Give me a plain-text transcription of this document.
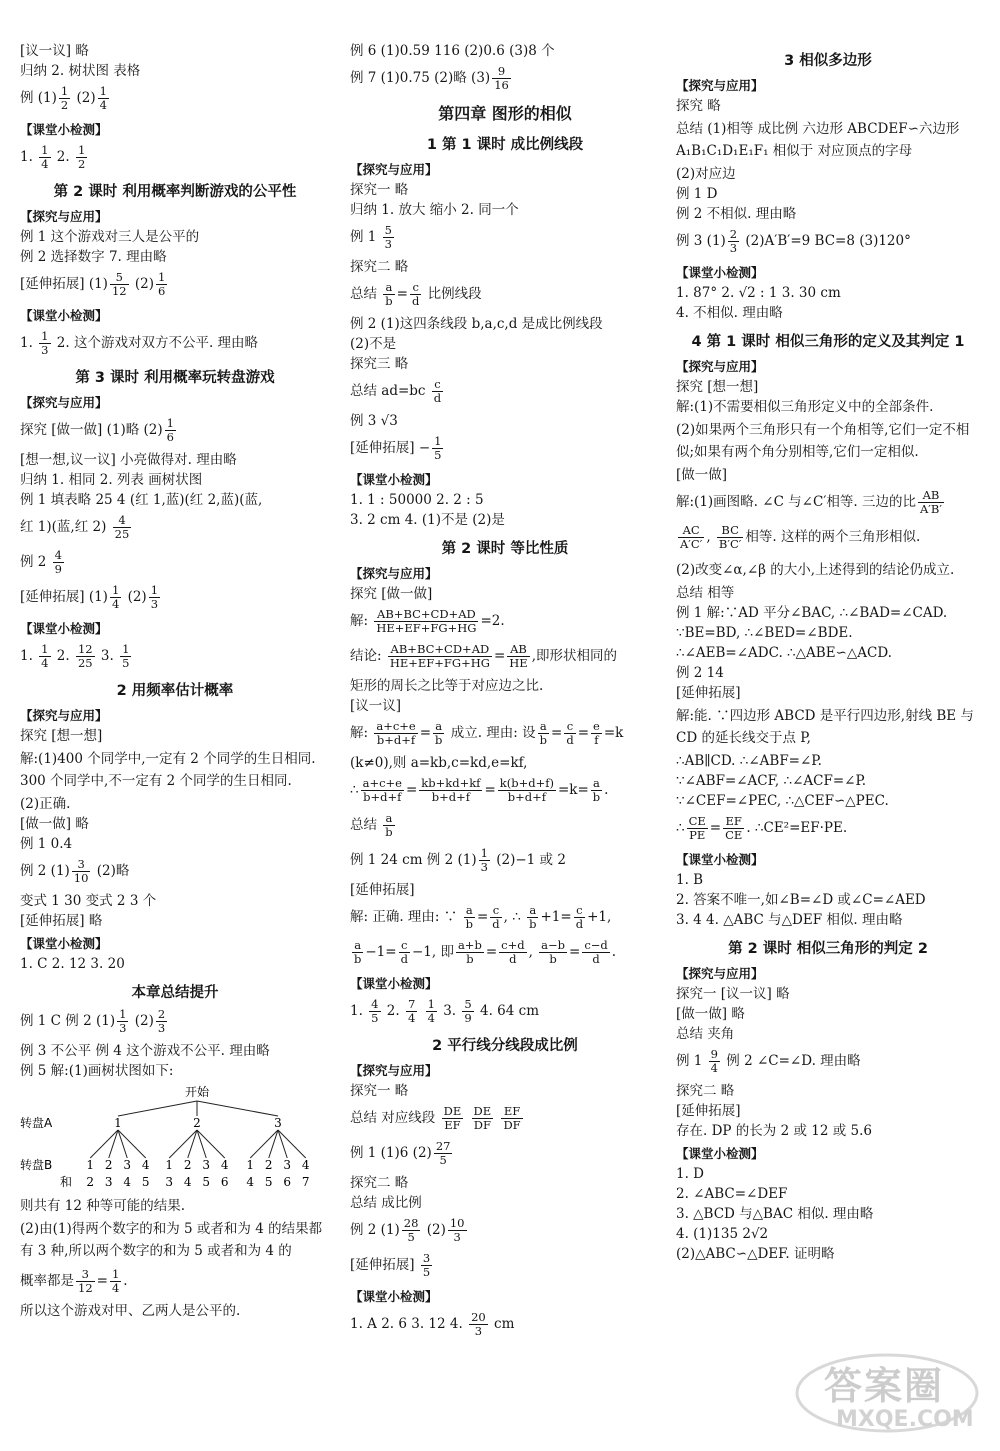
[议一议] 略
归纳 2. 树状图 表格
例 $(1) \frac{1}{2} (2) \frac{1}{4}$
【课堂小检测】
1. $\frac{1}{4} 2$. $\frac{1}{2}$
第 2 课时 利用概率判断游戏的公平性
【探究与应用】
例 1 这个游戏对三人是公平的
例 2 选择数字 7. 理由略
[延伸拓展] $(1) \frac{5}{12} (2) \frac{1}{6}$
【课堂小检测】
1. $\frac{1}{3} 2$. 这个游戏对双方不公平. 理由略
第 3 课时 利用概率玩转盘游戏
【探究与应用】
探究 [做一做] (1)略 $(2) \frac{1}{6}$
[想一想,议一议] 小亮做得对. 理由略
归纳 1. 相同 2. 列表 画树状图
例 1 填表略 25 4 (红 1,蓝)(红 2,蓝)(蓝,
红 1)(蓝,红 $2) \frac{4}{25}$
例 $2 \frac{4}{9}$
[延伸拓展] $(1) \frac{1}{4} (2) \frac{1}{3}$
【课堂小检测】
1. $\frac{1}{4} 2$. $\frac{12}{25} 3$. $\frac{1}{5}$
2 用频率估计概率
【探究与应用】
探究 [想一想]
解:(1)400 个同学中,一定有 2 个同学的生日相同. 300 个同学中,不一定有 2 个同学的生日相同.
(2)正确.
[做一做] 略
例 1 0.4
例 2 $(1) \frac{3}{10} (2)$略
变式 1 30 变式 2 3 个
[延伸拓展] 略
【课堂小检测】
1. C 2. 12 3. 20
本章总结提升
例 1 C 例 2 $(1) \frac{1}{3} (2) \frac{2}{3}$
例 3 不公平 例 4 这个游戏不公平. 理由略
例 5 解:(1)画树状图如下:
开始
转盘A
转盘B
和
1	2	3
1 2 3 4 1 2 3 4 1 2 3 4
2 3 4 5 3 4 5 6 4 5 6 7
则共有 12 种等可能的结果.
(2)由(1)得两个数字的和为 5 或者和为 4 的结果都有 3 种,所以两个数字的和为 5 或者和为 4 的
概率都是 $\frac{3}{12} = \frac{1}{4}$ .
所以这个游戏对甲、乙两人是公平的.
例 6 (1)0.59 116 (2)0.6 (3)8 个
例 7 (1)0.75 (2)略 $(3) \frac{9}{16}$
第四章 图形的相似
1 第 1 课时 成比例线段
【探究与应用】
探究一 略
归纳 1. 放大 缩小 2. 同一个
例 $1 \frac{5}{3}$
探究二 略
总结 $\frac{a}{b} = \frac{c}{d}$ 比例线段
例 2 (1)这四条线段 b,a,c,d 是成比例线段
(2)不是
探究三 略
总结 $ad=bc \frac{c}{d}$
例 3 √3
[延伸拓展] − $\frac{1}{5}$
【课堂小检测】
1. 1 : 50000 2. 2 : 5
3. 2 cm 4. (1)不是 (2)是
第 2 课时 等比性质
【探究与应用】
探究 [做一做]
解: $\frac{AB+BC+CD+AD}{HE+EF+FG+HG} =2$.
结论: $\frac{AB+BC+CD+AD}{HE+EF+FG+HG} = \frac{AB}{HE}$ ,即形状相同的
矩形的周长之比等于对应边之比.
[议一议]
解: $\frac{a+c+e}{b+d+f} = \frac{a}{b}$ 成立. 理由: 设 $\frac{a}{b} = \frac{c}{d} = \frac{e}{f} =k$
(k≠0),则 a=kb,c=kd,e=kf,
∴ $\frac{a+c+e}{b+d+f} = \frac{kb+kd+kf}{b+d+f} = \frac{k(b+d+f)}{b+d+f} =k= \frac{a}{b}$ .
总结 $\frac{a}{b}$
例 1 24 cm 例 2 $(1) \frac{1}{3} (2)-1$ 或 2
[延伸拓展]
解: 正确. 理由: ∵ $\frac{a}{b} = \frac{c}{d}$ , ∴ $\frac{a}{b} +1= \frac{c}{d} +1$,
$\frac{a}{b} -1= \frac{c}{d} -1$, 即 $\frac{a+b}{b} = \frac{c+d}{d}$ , $\frac{a-b}{b} = \frac{c-d}{d}$ .
【课堂小检测】
1. $\frac{4}{5} 2$. $\frac{7}{4}$
$\frac{1}{4} 3$. $\frac{5}{9} 4$. 64 cm
2 平行线分线段成比例
【探究与应用】
探究一 略
总结 对应线段 $\frac{DE}{EF}$
$\frac{DE}{DF}$
$\frac{EF}{DF}$
例 1 (1)6 $(2) \frac{27}{5}$
探究二 略
总结 成比例
例 2 $(1) \frac{28}{5} (2) \frac{10}{3}$
[延伸拓展] $\frac{3}{5}$
【课堂小检测】
1. A 2. 6 3. 12 4. $\frac{20}{3}$ cm
3 相似多边形
【探究与应用】
探究 略
总结 (1)相等 成比例 六边形 ABCDEF∽六边形 A₁B₁C₁D₁E₁F₁ 相似于 对应顶点的字母
(2)对应边
例 1 D
例 2 不相似. 理由略
例 3 $(1) \frac{2}{3} (2)A'B'=9$ BC=8 (3)120°
【课堂小检测】
1. 87° 2. √2 : 1 3. 30 cm
4. 不相似. 理由略
4 第 1 课时 相似三角形的定义及其判定 1
【探究与应用】
探究 [想一想]
解:(1)不需要相似三角形定义中的全部条件.
(2)如果两个三角形只有一个角相等,它们一定不相似;如果有两个角分别相等,它们一定相似.
[做一做]
解:(1)画图略. ∠C 与∠C′相等. 三边的比 $\frac{AB}{A'B'}$
$\frac{AC}{A'C'}$ , $\frac{BC}{B'C'}$ 相等. 这样的两个三角形相似.
(2)改变∠α,∠β 的大小,上述得到的结论仍成立.
总结 相等
例 1 解:∵AD 平分∠BAC, ∴∠BAD=∠CAD.
∵BE=BD, ∴∠BED=∠BDE.
∴∠AEB=∠ADC. ∴△ABE∽△ACD.
例 2 14
[延伸拓展]
解:能. ∵四边形 ABCD 是平行四边形,射线 BE 与 CD 的延长线交于点 P,
∴AB∥CD. ∴∠ABF=∠P.
∵∠ABF=∠ACF, ∴∠ACF=∠P.
∵∠CEF=∠PEC, ∴△CEF∽△PEC.
∴ $\frac{CE}{PE} = \frac{EF}{CE}$ . ∴CE²=EF·PE.
【课堂小检测】
1. B
2. 答案不唯一,如∠B=∠D 或∠C=∠AED
3. 4 4. △ABC 与△DEF 相似. 理由略
第 2 课时 相似三角形的判定 2
【探究与应用】
探究一 [议一议] 略
[做一做] 略
总结 夹角
例 $1 \frac{9}{4}$ 例 2 ∠C=∠D. 理由略
探究二 略
[延伸拓展]
存在. DP 的长为 2 或 12 或 5.6
【课堂小检测】
1. D
2. ∠ABC=∠DEF
3. △BCD 与△BAC 相似. 理由略
4. (1)135 2√2
(2)△ABC∽△DEF. 证明略
答案圈
MXQE.COM
